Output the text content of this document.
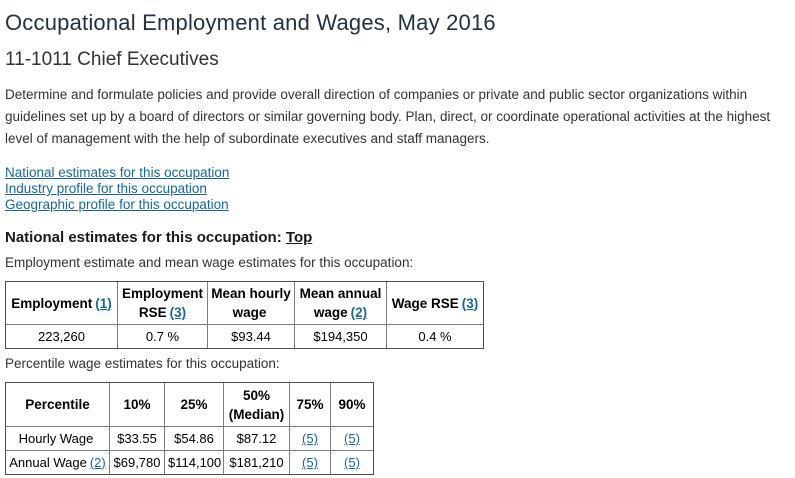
Occupational Employment and Wages, May 2016
11-1011 Chief Executives

Determine and formulate policies and provide overall direction of companies or private and public sector organizations within guidelines set up by a board of directors or similar governing body. Plan, direct, or coordinate operational activities at the highest level of management with the help of subordinate executives and staff managers.

National estimates for this occupation
Industry profile for this occupation
Geographic profile for this occupation
National estimates for this occupation: Top

Employment estimate and mean wage estimates for this occupation:

Employment (1)	Employment RSE (3)	Mean hourly wage	Mean annual wage (2)	Wage RSE (3)
223,260	0.7 %	$93.44	$194,350	0.4 %

Percentile wage estimates for this occupation:

Percentile	10%	25%	50% (Median)	75%	90%
Hourly Wage	$33.55	$54.86	$87.12	(5)	(5)
Annual Wage (2)	$69,780	$114,100	$181,210	(5)	(5)
